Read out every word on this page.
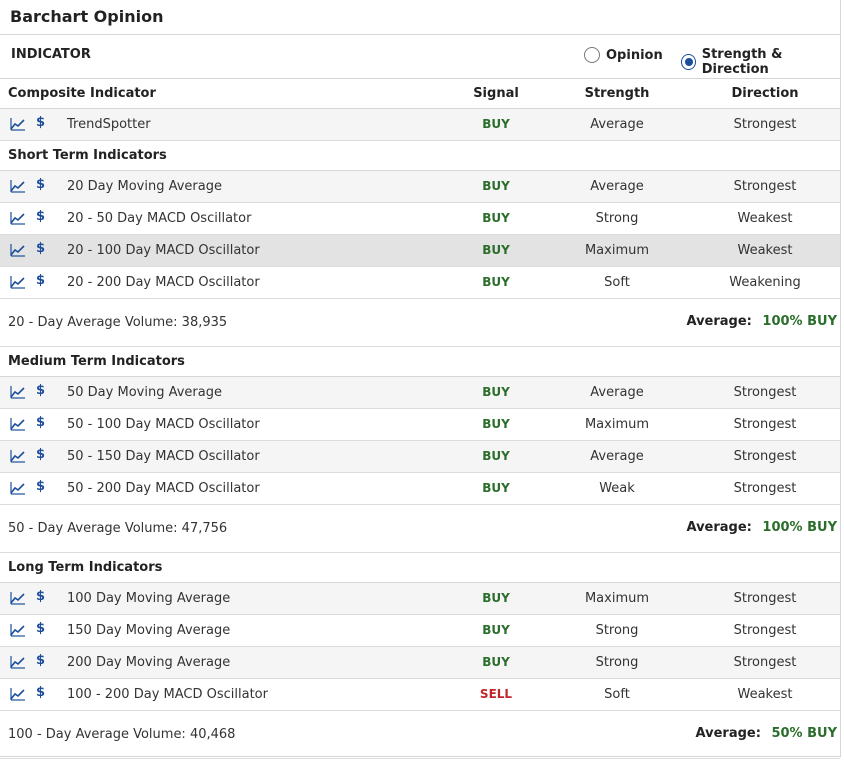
Barchart Opinion
INDICATOR	Opinion	Strength & Direction
Composite Indicator	Signal	Strength	Direction
$ TrendSpotter	BUY	Average	Strongest
Short Term Indicators
$ 20 Day Moving Average	BUY	Average	Strongest
$ 20 - 50 Day MACD Oscillator	BUY	Strong	Weakest
$ 20 - 100 Day MACD Oscillator	BUY	Maximum	Weakest
$ 20 - 200 Day MACD Oscillator	BUY	Soft	Weakening
20 - Day Average Volume: 38,935	Average: 100% BUY
Medium Term Indicators
$ 50 Day Moving Average	BUY	Average	Strongest
$ 50 - 100 Day MACD Oscillator	BUY	Maximum	Strongest
$ 50 - 150 Day MACD Oscillator	BUY	Average	Strongest
$ 50 - 200 Day MACD Oscillator	BUY	Weak	Strongest
50 - Day Average Volume: 47,756	Average: 100% BUY
Long Term Indicators
$ 100 Day Moving Average	BUY	Maximum	Strongest
$ 150 Day Moving Average	BUY	Strong	Strongest
$ 200 Day Moving Average	BUY	Strong	Strongest
$ 100 - 200 Day MACD Oscillator	SELL	Soft	Weakest
100 - Day Average Volume: 40,468	Average: 50% BUY
